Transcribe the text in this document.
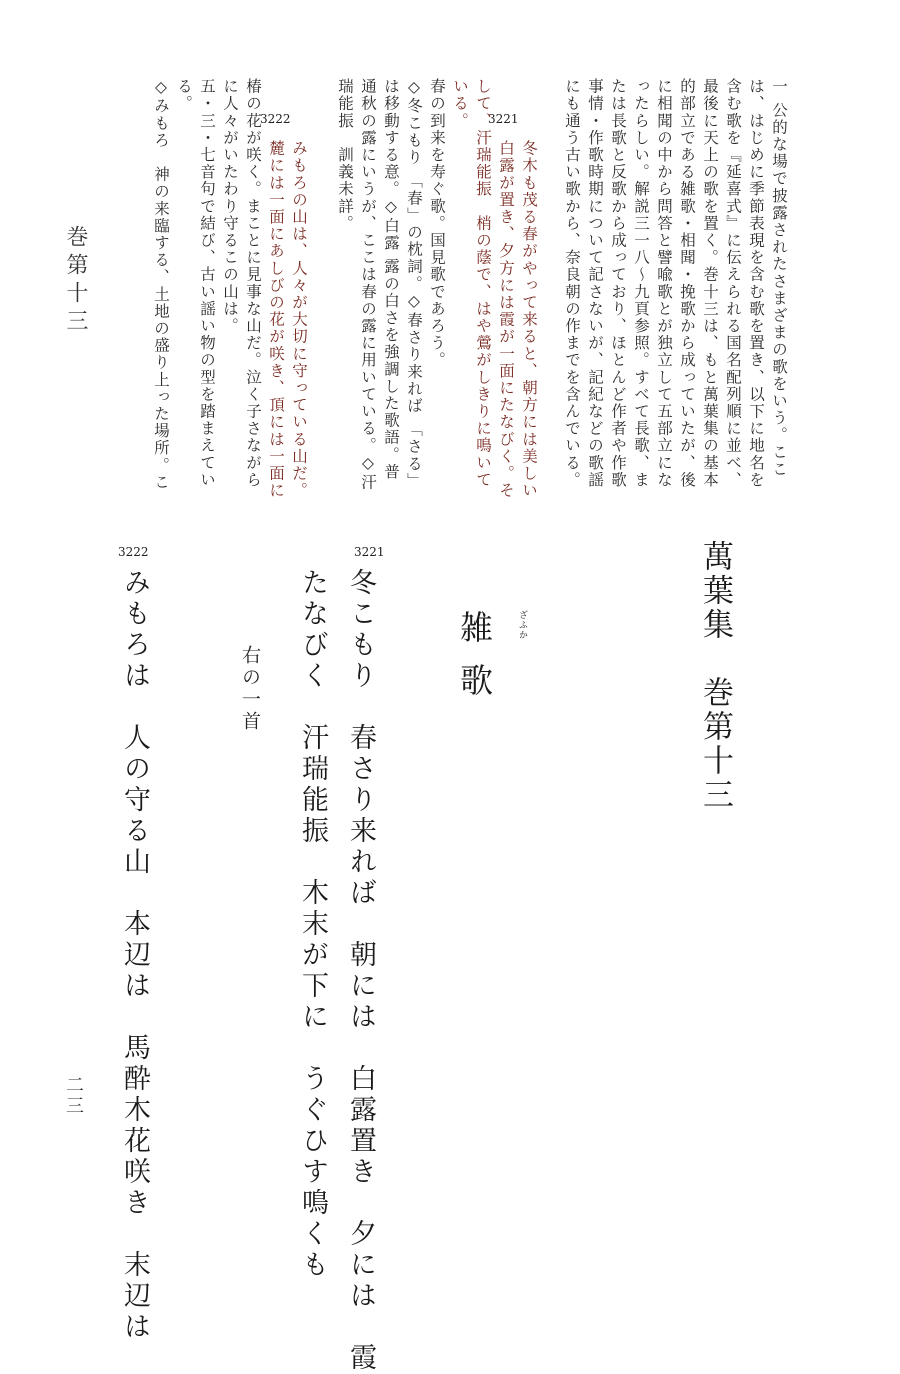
一 公的な場で披露されたさまざまの歌をいう。ここ
は、はじめに季節表現を含む歌を置き、以下に地名を
含む歌を『延喜式』に伝えられる国名配列順に並べ、
最後に天上の歌を置く。巻十三は、もと萬葉集の基本
的部立である雑歌・相聞・挽歌から成っていたが、後
に相聞の中から問答と譬喩歌とが独立して五部立にな
ったらしい。解説三一八～九頁参照。すべて長歌、ま
たは長歌と反歌から成っており、ほとんど作者や作歌
事情・作歌時期について記さないが、記紀などの歌謡
にも通う古い歌から、奈良朝の作までを含んでいる。
3221
冬木も茂る春がやって来ると、朝方には美しい
白露が置き、夕方には霞が一面にたなびく。そ
して、汗瑞能振　梢の蔭で、はや鶯がしきりに鳴いて
いる。
春の到来を寿ぐ歌。国見歌であろう。
◇冬こもり 「春」の枕詞。◇春さり来れば 「さる」
は移動する意。◇白露 露の白さを強調した歌語。普
通秋の露にいうが、ここは春の露に用いている。◇汗
瑞能振　訓義未詳。
3222
みもろの山は、人々が大切に守っている山だ。
麓には一面にあしびの花が咲き、頂には一面に
椿の花が咲く。まことに見事な山だ。泣く子さながら
に人々がいたわり守るこの山は。
五・三・七音句で結び、古い謡い物の型を踏まえてい
る。
◇みもろ　神の来臨する、土地の盛り上った場所。こ
巻第十三
萬葉集　巻第十三
雑歌	ざふか
3221
冬こもり　春さり来れば　朝には　白露置き　夕には　霞
たなびく　汗瑞能振　木末が下に　うぐひす鳴くも
右の一首
3222
みもろは　人の守る山　本辺は　馬酔木花咲き　末辺は
二三
